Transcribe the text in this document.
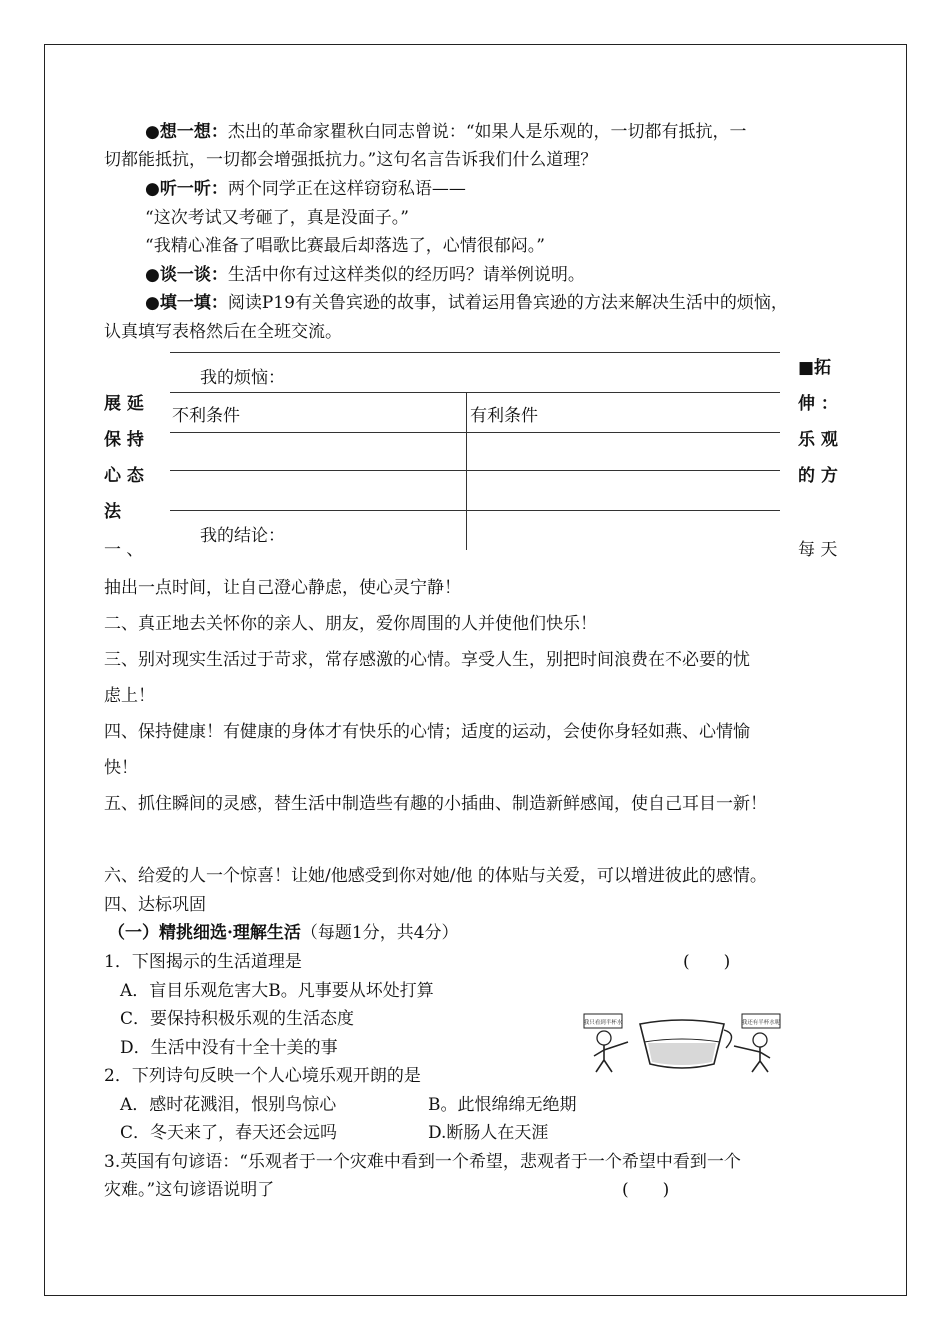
●想一想：杰出的革命家瞿秋白同志曾说：“如果人是乐观的，一切都有抵抗，一
切都能抵抗，一切都会增强抵抗力。”这句名言告诉我们什么道理？
●听一听：两个同学正在这样窃窃私语——
“这次考试又考砸了，真是没面子。”
“我精心准备了唱歌比赛最后却落选了，心情很郁闷。”
●谈一谈：生活中你有过这样类似的经历吗？请举例说明。
●填一填：阅读P19有关鲁宾逊的故事，试着运用鲁宾逊的方法来解决生活中的烦恼，
认真填写表格然后在全班交流。
我的烦恼：
不利条件	有利条件
我的结论：
展 延
保 持
心 态
法
一 、
■拓
伸 ：
乐 观
的 方
每 天
抽出一点时间，让自己澄心静虑，使心灵宁静！
二、真正地去关怀你的亲人、朋友，爱你周围的人并使他们快乐！
三、别对现实生活过于苛求，常存感激的心情。享受人生，别把时间浪费在不必要的忧
虑上！
四、保持健康！有健康的身体才有快乐的心情；适度的运动，会使你身轻如燕、心情愉
快！
五、抓住瞬间的灵感，替生活中制造些有趣的小插曲、制造新鲜感闻，使自己耳目一新！
六、给爱的人一个惊喜！让她/他感受到你对她/他 的体贴与关爱，可以增进彼此的感情。
四、达标巩固
（一）精挑细选·理解生活（每题1分，共4分）
1．下图揭示的生活道理是	(　　)
A．盲目乐观危害大B。凡事要从坏处打算
C．要保持积极乐观的生活态度
D．生活中没有十全十美的事
我只看到半杯水	我还有半杯水呢
2．下列诗句反映一个人心境乐观开朗的是
A．感时花溅泪，恨别鸟惊心	B。此恨绵绵无绝期
C．冬天来了，春天还会远吗	D.断肠人在天涯
3.英国有句谚语：“乐观者于一个灾难中看到一个希望，悲观者于一个希望中看到一个
灾难。”这句谚语说明了	(　　)
